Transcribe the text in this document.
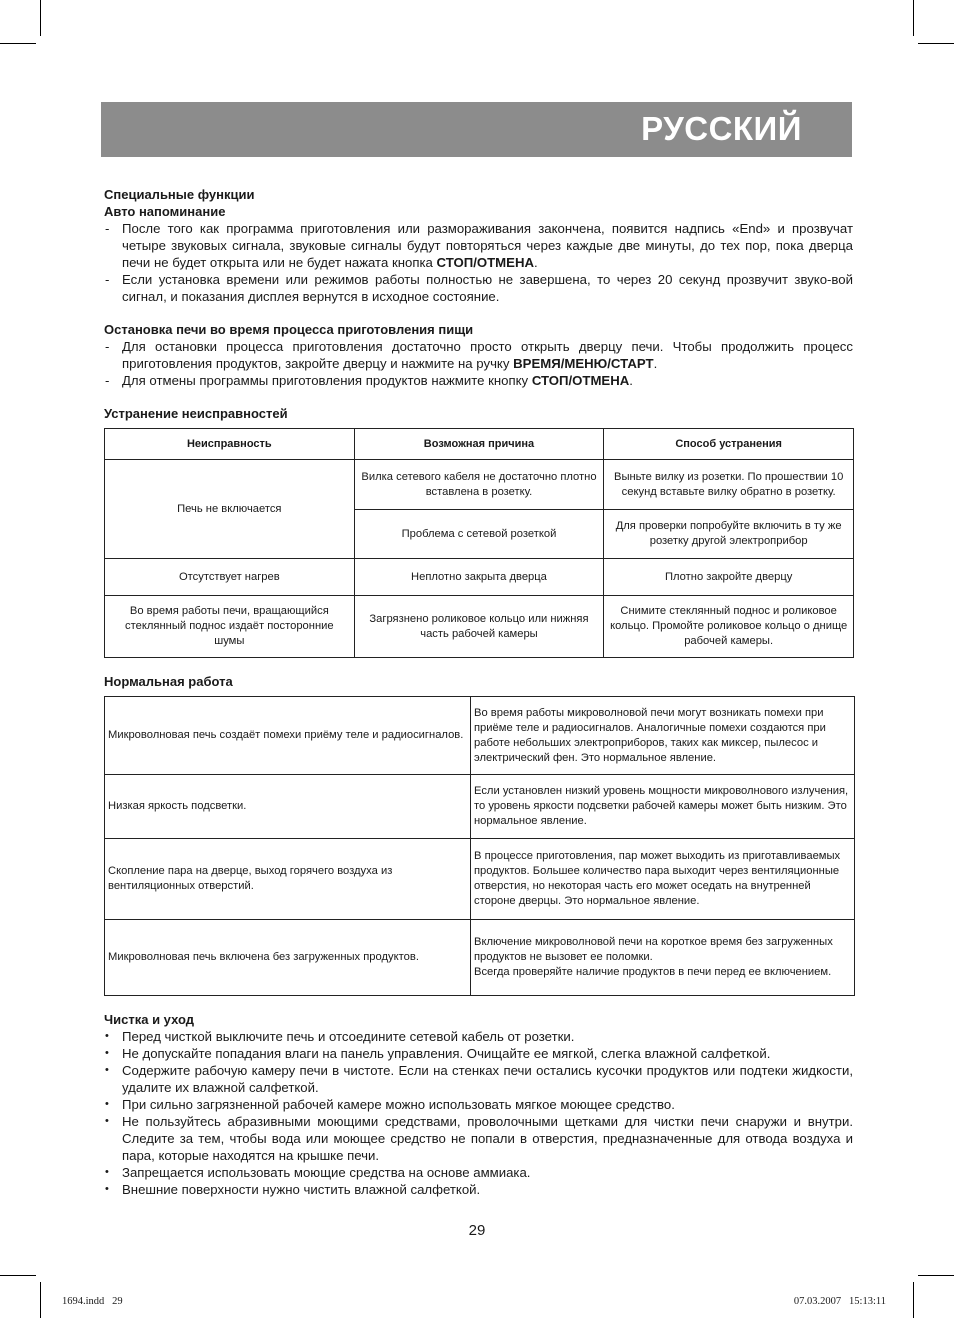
РУССКИЙ
Специальные функции
Авто напоминание
- После того как программа приготовления или размораживания закончена, появится надпись «End» и прозвучат четыре звуковых сигнала, звуковые сигналы будут повторяться через каждые две минуты, до тех пор, пока дверца печи не будет открыта или не будет нажата кнопка СТОП/ОТМЕНА.
- Если установка времени или режимов работы полностью не завершена, то через 20 секунд прозвучит звуко-вой сигнал, и показания дисплея вернутся в исходное состояние.
Остановка печи во время процесса приготовления пищи
- Для остановки процесса приготовления достаточно просто открыть дверцу печи. Чтобы продолжить процесс приготовления продуктов, закройте дверцу и нажмите на ручку ВРЕМЯ/МЕНЮ/СТАРТ.
- Для отмены программы приготовления продуктов нажмите кнопку СТОП/ОТМЕНА.
Устранение неисправностей
Неисправность	Возможная причина	Способ устранения
Печь не включается	Вилка сетевого кабеля не достаточно плотно вставлена в розетку.	Выньте вилку из розетки. По прошествии 10 секунд вставьте вилку обратно в розетку.
	Проблема с сетевой розеткой	Для проверки попробуйте включить в ту же розетку другой электроприбор
Отсутствует нагрев	Неплотно закрыта дверца	Плотно закройте дверцу
Во время работы печи, вращающийся стеклянный поднос издаёт посторонние шумы	Загрязнено роликовое кольцо или нижняя часть рабочей камеры	Снимите стеклянный поднос и роликовое кольцо. Промойте роликовое кольцо о днище рабочей камеры.
Нормальная работа
Микроволновая печь создаёт помехи приёму теле и радиосигналов.	Во время работы микроволновой печи могут возникать помехи при приёме теле и радиосигналов. Аналогичные помехи создаются при работе небольших электроприборов, таких как миксер, пылесос и электрический фен. Это нормальное явление.
Низкая яркость подсветки.	Если установлен низкий уровень мощности микроволнового излучения, то уровень яркости подсветки рабочей камеры может быть низким. Это нормальное явление.
Скопление пара на дверце, выход горячего воздуха из вентиляционных отверстий.	В процессе приготовления, пар может выходить из приготавливаемых продуктов. Большее количество пара выходит через вентиляционные отверстия, но некоторая часть его может оседать на внутренней стороне дверцы. Это нормальное явление.
Микроволновая печь включена без загруженных продуктов.	Включение микроволновой печи на короткое время без загруженных продуктов не вызовет ее поломки.
Всегда проверяйте наличие продуктов в печи перед ее включением.
Чистка и уход
• Перед чисткой выключите печь и отсоедините сетевой кабель от розетки.
• Не допускайте попадания влаги на панель управления. Очищайте ее мягкой, слегка влажной салфеткой.
• Содержите рабочую камеру печи в чистоте. Если на стенках печи остались кусочки продуктов или подтеки жидкости, удалите их влажной салфеткой.
• При сильно загрязненной рабочей камере можно использовать мягкое моющее средство.
• Не пользуйтесь абразивными моющими средствами, проволочными щетками для чистки печи снаружи и внутри. Следите за тем, чтобы вода или моющее средство не попали в отверстия, предназначенные для отвода воздуха и пара, которые находятся на крышке печи.
• Запрещается использовать моющие средства на основе аммиака.
• Внешние поверхности нужно чистить влажной салфеткой.
29
1694.indd   29	07.03.2007   15:13:11
